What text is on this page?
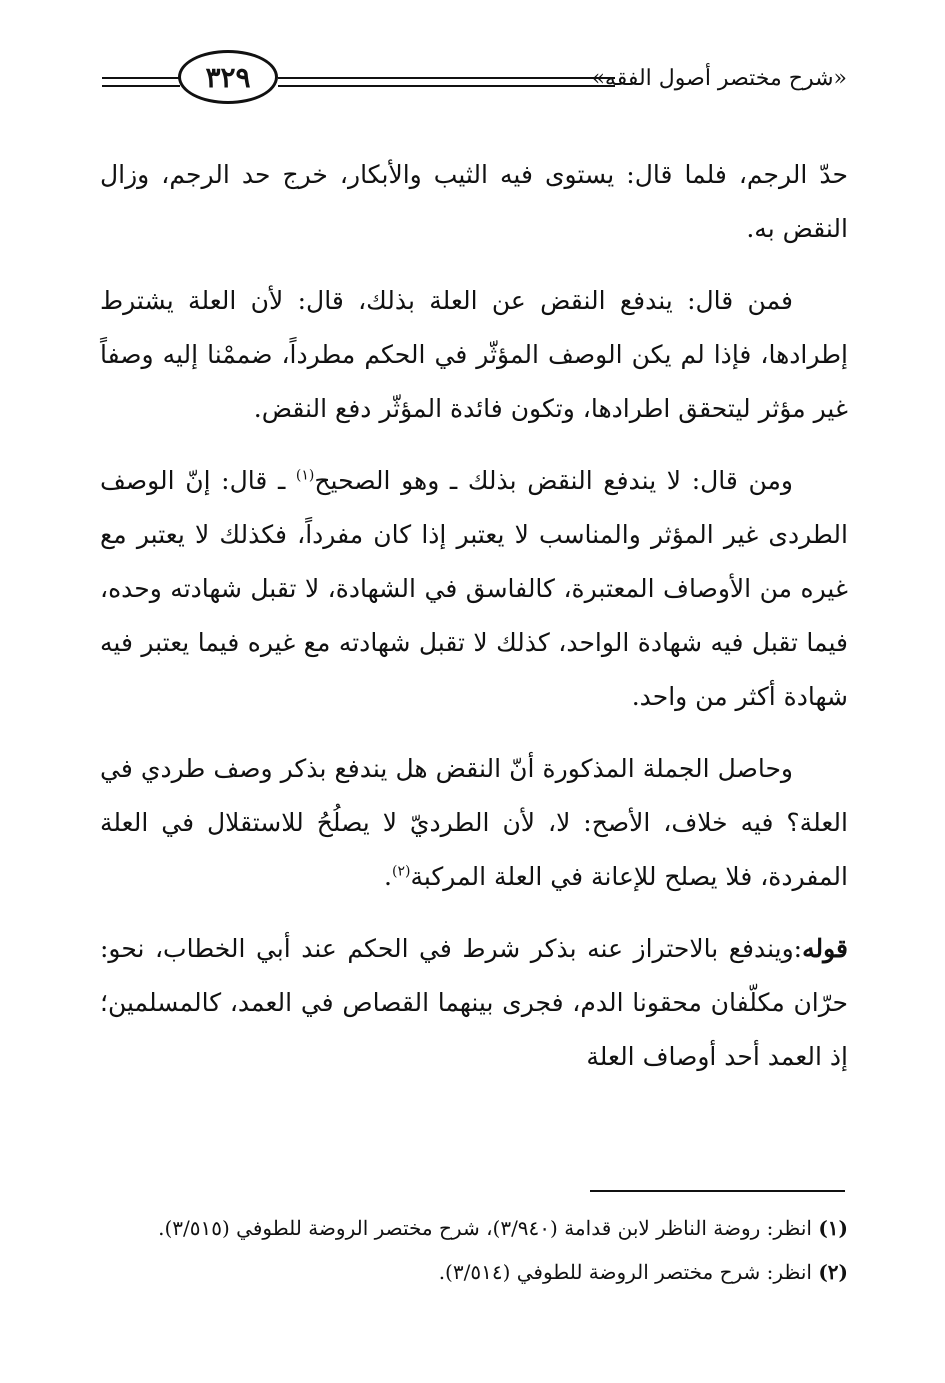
٣٢٩	«شرح مختصر أصول الفقه»

حدّ الرجم، فلما قال: يستوى فيه الثيب والأبكار، خرج حد الرجم، وزال النقض به.

فمن قال: يندفع النقض عن العلة بذلك، قال: لأن العلة يشترط إطرادها، فإذا لم يكن الوصف المؤثّر في الحكم مطرداً، ضممْنا إليه وصفاً غير مؤثر ليتحقق اطرادها، وتكون فائدة المؤثّر دفع النقض.

ومن قال: لا يندفع النقض بذلك ـ وهو الصحيح$^{(١)}$ ـ قال: إنّ الوصف الطردى غير المؤثر والمناسب لا يعتبر إذا كان مفرداً، فكذلك لا يعتبر مع غيره من الأوصاف المعتبرة، كالفاسق في الشهادة، لا تقبل شهادته وحده، فيما تقبل فيه شهادة الواحد، كذلك لا تقبل شهادته مع غيره فيما يعتبر فيه شهادة أكثر من واحد.

وحاصل الجملة المذكورة أنّ النقض هل يندفع بذكر وصف طردي في العلة؟ فيه خلاف، الأصح: لا، لأن الطرديّ لا يصلُحُ للاستقلال في العلة المفردة، فلا يصلح للإعانة في العلة المركبة$^{(٢)}$.

قوله:ويندفع بالاحتراز عنه بذكر شرط في الحكم عند أبي الخطاب، نحو: حرّان مكلّفان محقونا الدم، فجرى بينهما القصاص في العمد، كالمسلمين؛ إذ العمد أحد أوصاف العلة

(١) انظر: روضة الناظر لابن قدامة (٣/٩٤٠)، شرح مختصر الروضة للطوفي (٣/٥١٥).

(٢) انظر: شرح مختصر الروضة للطوفي (٣/٥١٤).
